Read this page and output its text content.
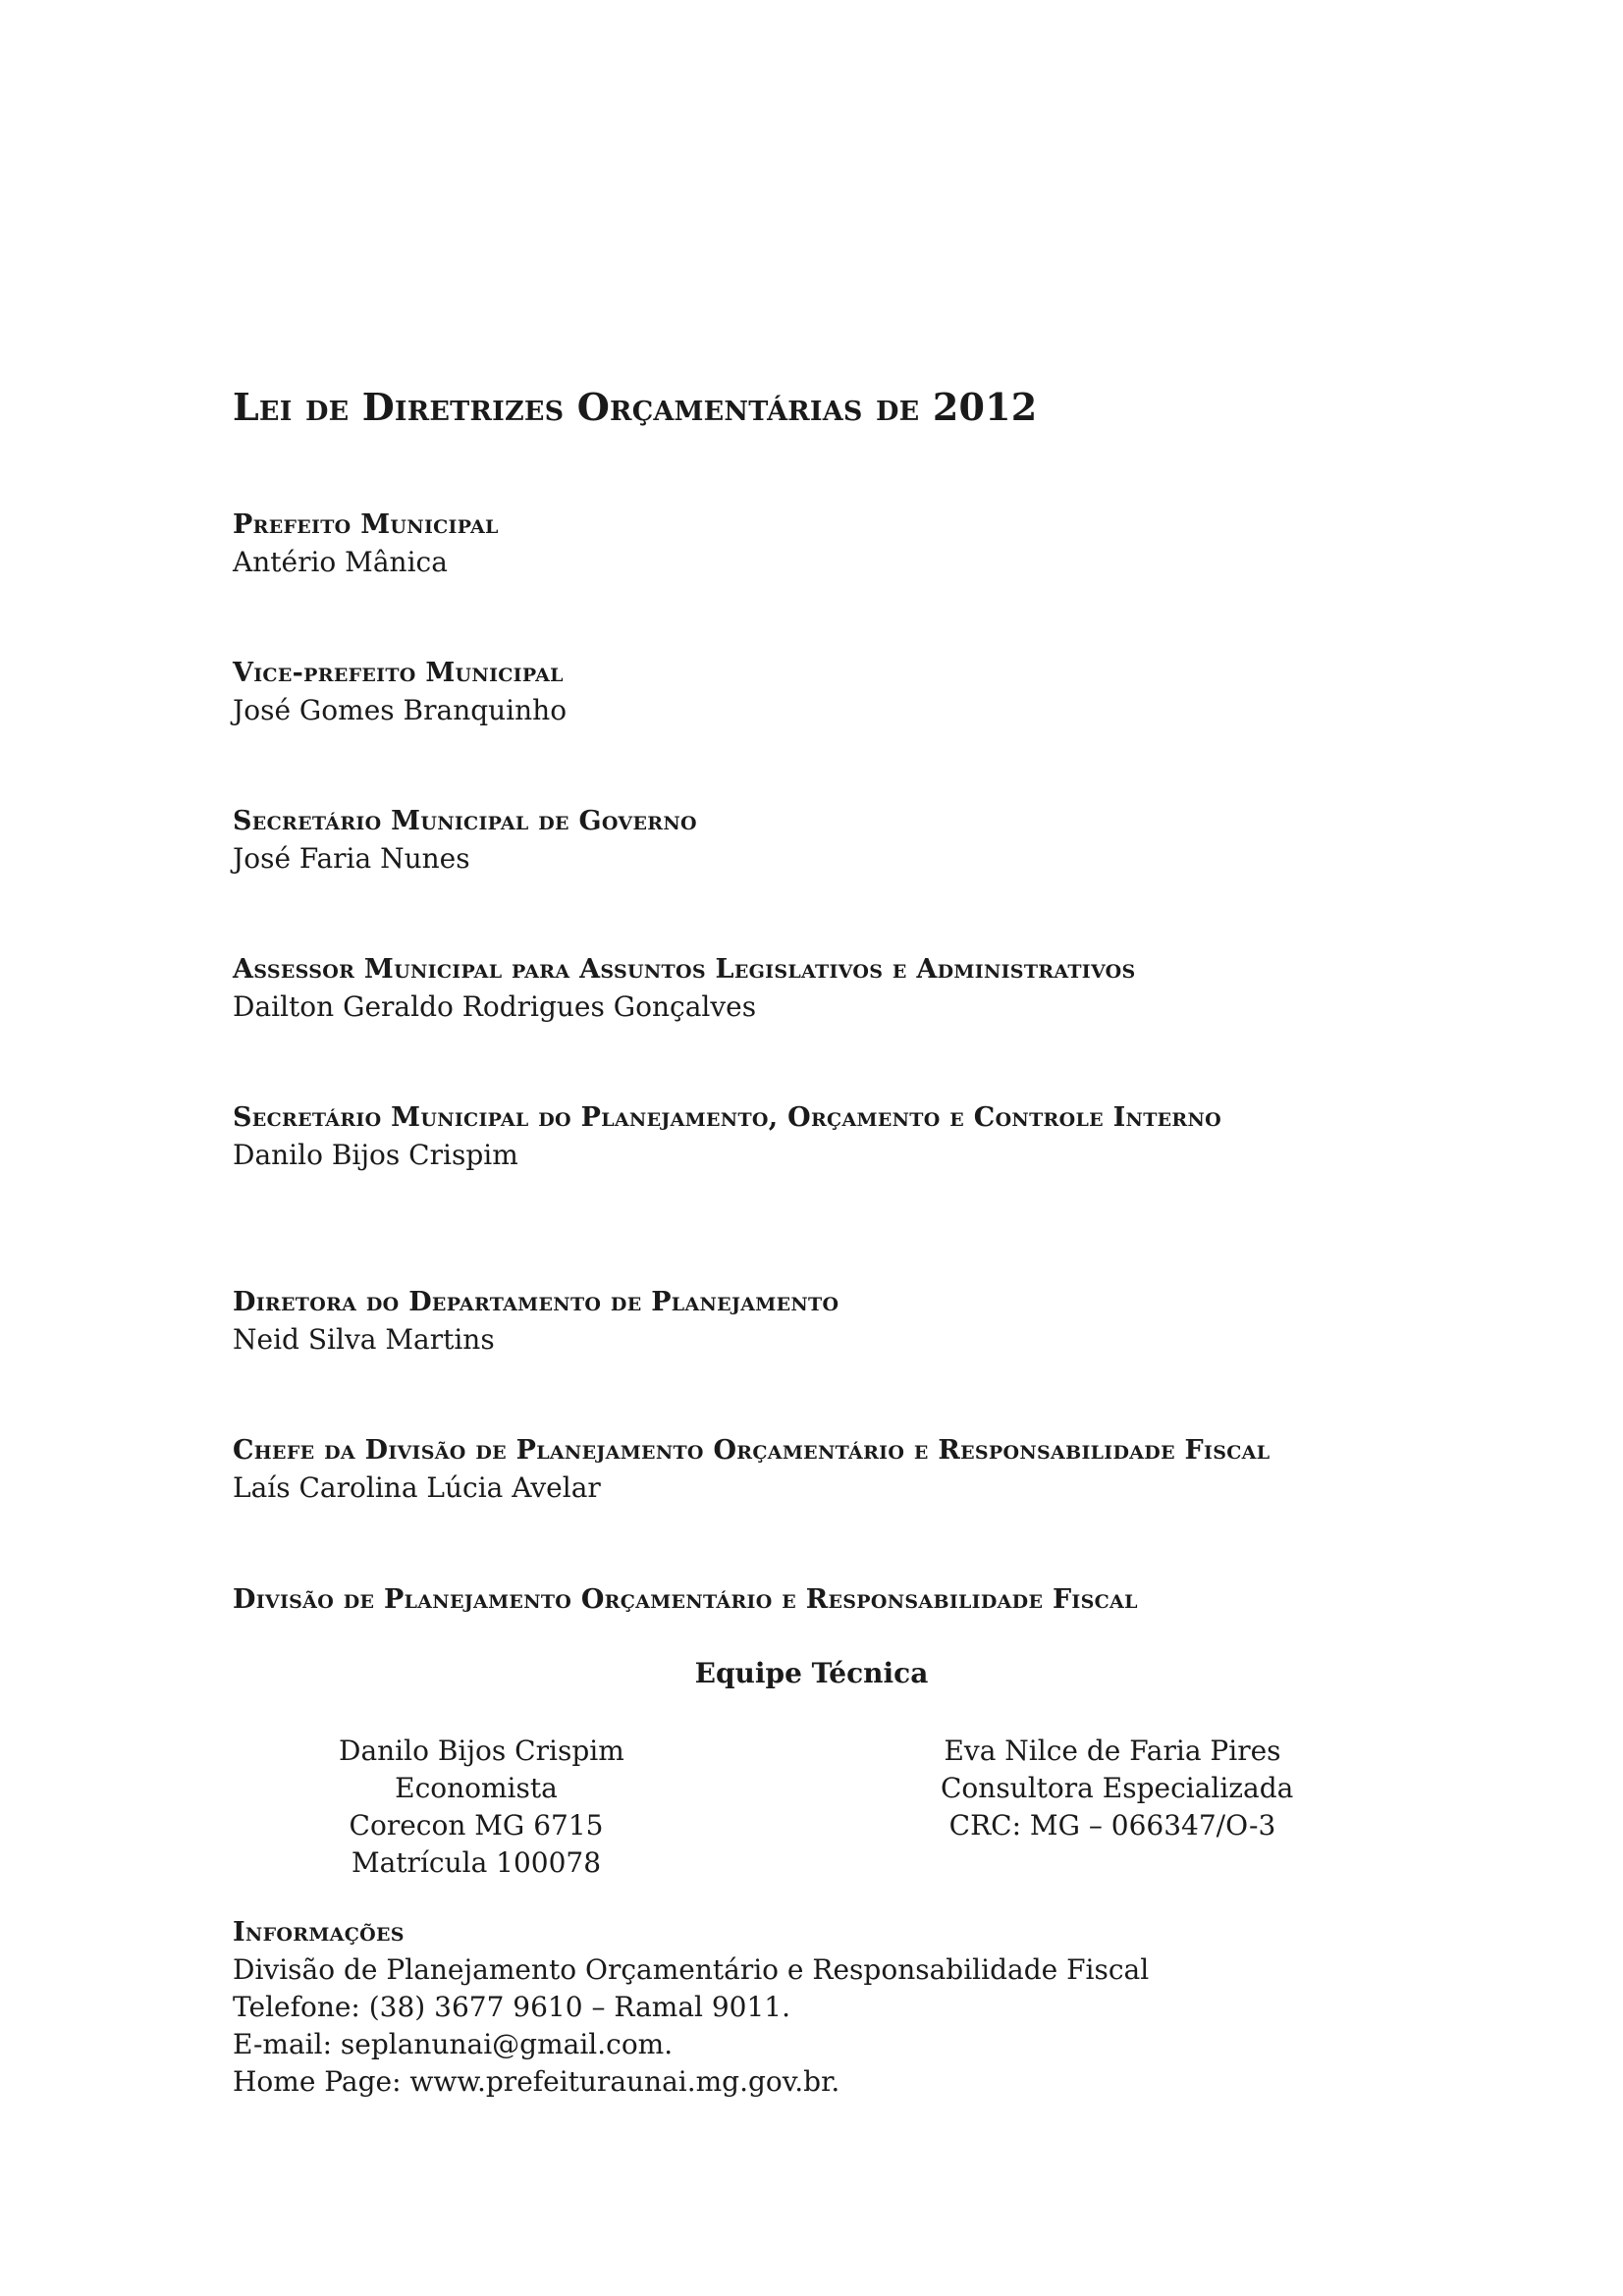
Lei de Diretrizes Orçamentárias de 2012
Prefeito Municipal
Antério Mânica
Vice-prefeito Municipal
José Gomes Branquinho
Secretário Municipal de Governo
José Faria Nunes
Assessor Municipal para Assuntos Legislativos e Administrativos
Dailton Geraldo Rodrigues Gonçalves
Secretário Municipal do Planejamento, Orçamento e Controle Interno
Danilo Bijos Crispim
Diretora do Departamento de Planejamento
Neid Silva Martins
Chefe da Divisão de Planejamento Orçamentário e Responsabilidade Fiscal
Laís Carolina Lúcia Avelar
Divisão de Planejamento Orçamentário e Responsabilidade Fiscal
Equipe Técnica
Danilo Bijos Crispim
Economista
Corecon MG 6715
Matrícula 100078
Eva Nilce de Faria Pires
Consultora Especializada
CRC: MG – 066347/O-3
Informações
Divisão de Planejamento Orçamentário e Responsabilidade Fiscal
Telefone: (38) 3677 9610 – Ramal 9011.
E-mail: seplanunai@gmail.com.
Home Page: www.prefeituraunai.mg.gov.br.
